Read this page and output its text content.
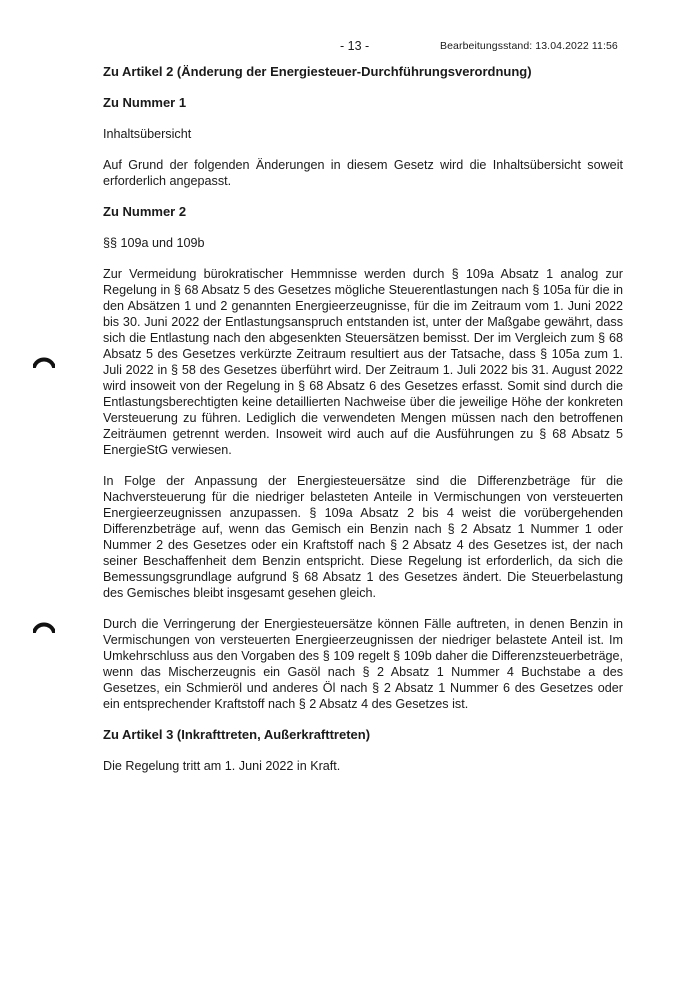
- 13 -	Bearbeitungsstand: 13.04.2022 11:56

Zu Artikel 2 (Änderung der Energiesteuer-Durchführungsverordnung)

Zu Nummer 1

Inhaltsübersicht

Auf Grund der folgenden Änderungen in diesem Gesetz wird die Inhaltsübersicht soweit erforderlich angepasst.

Zu Nummer 2

§§ 109a und 109b

Zur Vermeidung bürokratischer Hemmnisse werden durch § 109a Absatz 1 analog zur Regelung in § 68 Absatz 5 des Gesetzes mögliche Steuerentlastungen nach § 105a für die in den Absätzen 1 und 2 genannten Energieerzeugnisse, für die im Zeitraum vom 1. Juni 2022 bis 30. Juni 2022 der Entlastungsanspruch entstanden ist, unter der Maßgabe gewährt, dass sich die Entlastung nach den abgesenkten Steuersätzen bemisst. Der im Vergleich zum § 68 Absatz 5 des Gesetzes verkürzte Zeitraum resultiert aus der Tatsache, dass § 105a zum 1. Juli 2022 in § 58 des Gesetzes überführt wird. Der Zeitraum 1. Juli 2022 bis 31. August 2022 wird insoweit von der Regelung in § 68 Absatz 6 des Gesetzes erfasst. Somit sind durch die Entlastungsberechtigten keine detaillierten Nachweise über die jeweilige Höhe der konkreten Versteuerung zu führen. Lediglich die verwendeten Mengen müssen nach den betroffenen Zeiträumen getrennt werden. Insoweit wird auch auf die Ausführungen zu § 68 Absatz 5 EnergieStG verwiesen.

In Folge der Anpassung der Energiesteuersätze sind die Differenzbeträge für die Nachversteuerung für die niedriger belasteten Anteile in Vermischungen von versteuerten Energieerzeugnissen anzupassen. § 109a Absatz 2 bis 4 weist die vorübergehenden Differenzbeträge auf, wenn das Gemisch ein Benzin nach § 2 Absatz 1 Nummer 1 oder Nummer 2 des Gesetzes oder ein Kraftstoff nach § 2 Absatz 4 des Gesetzes ist, der nach seiner Beschaffenheit dem Benzin entspricht. Diese Regelung ist erforderlich, da sich die Bemessungsgrundlage aufgrund § 68 Absatz 1 des Gesetzes ändert. Die Steuerbelastung des Gemisches bleibt insgesamt gesehen gleich.

Durch die Verringerung der Energiesteuersätze können Fälle auftreten, in denen Benzin in Vermischungen von versteuerten Energieerzeugnissen der niedriger belastete Anteil ist. Im Umkehrschluss aus den Vorgaben des § 109 regelt § 109b daher die Differenzsteuerbeträge, wenn das Mischerzeugnis ein Gasöl nach § 2 Absatz 1 Nummer 4 Buchstabe a des Gesetzes, ein Schmieröl und anderes Öl nach § 2 Absatz 1 Nummer 6 des Gesetzes oder ein entsprechender Kraftstoff nach § 2 Absatz 4 des Gesetzes ist.

Zu Artikel 3 (Inkrafttreten, Außerkrafttreten)

Die Regelung tritt am 1. Juni 2022 in Kraft.
